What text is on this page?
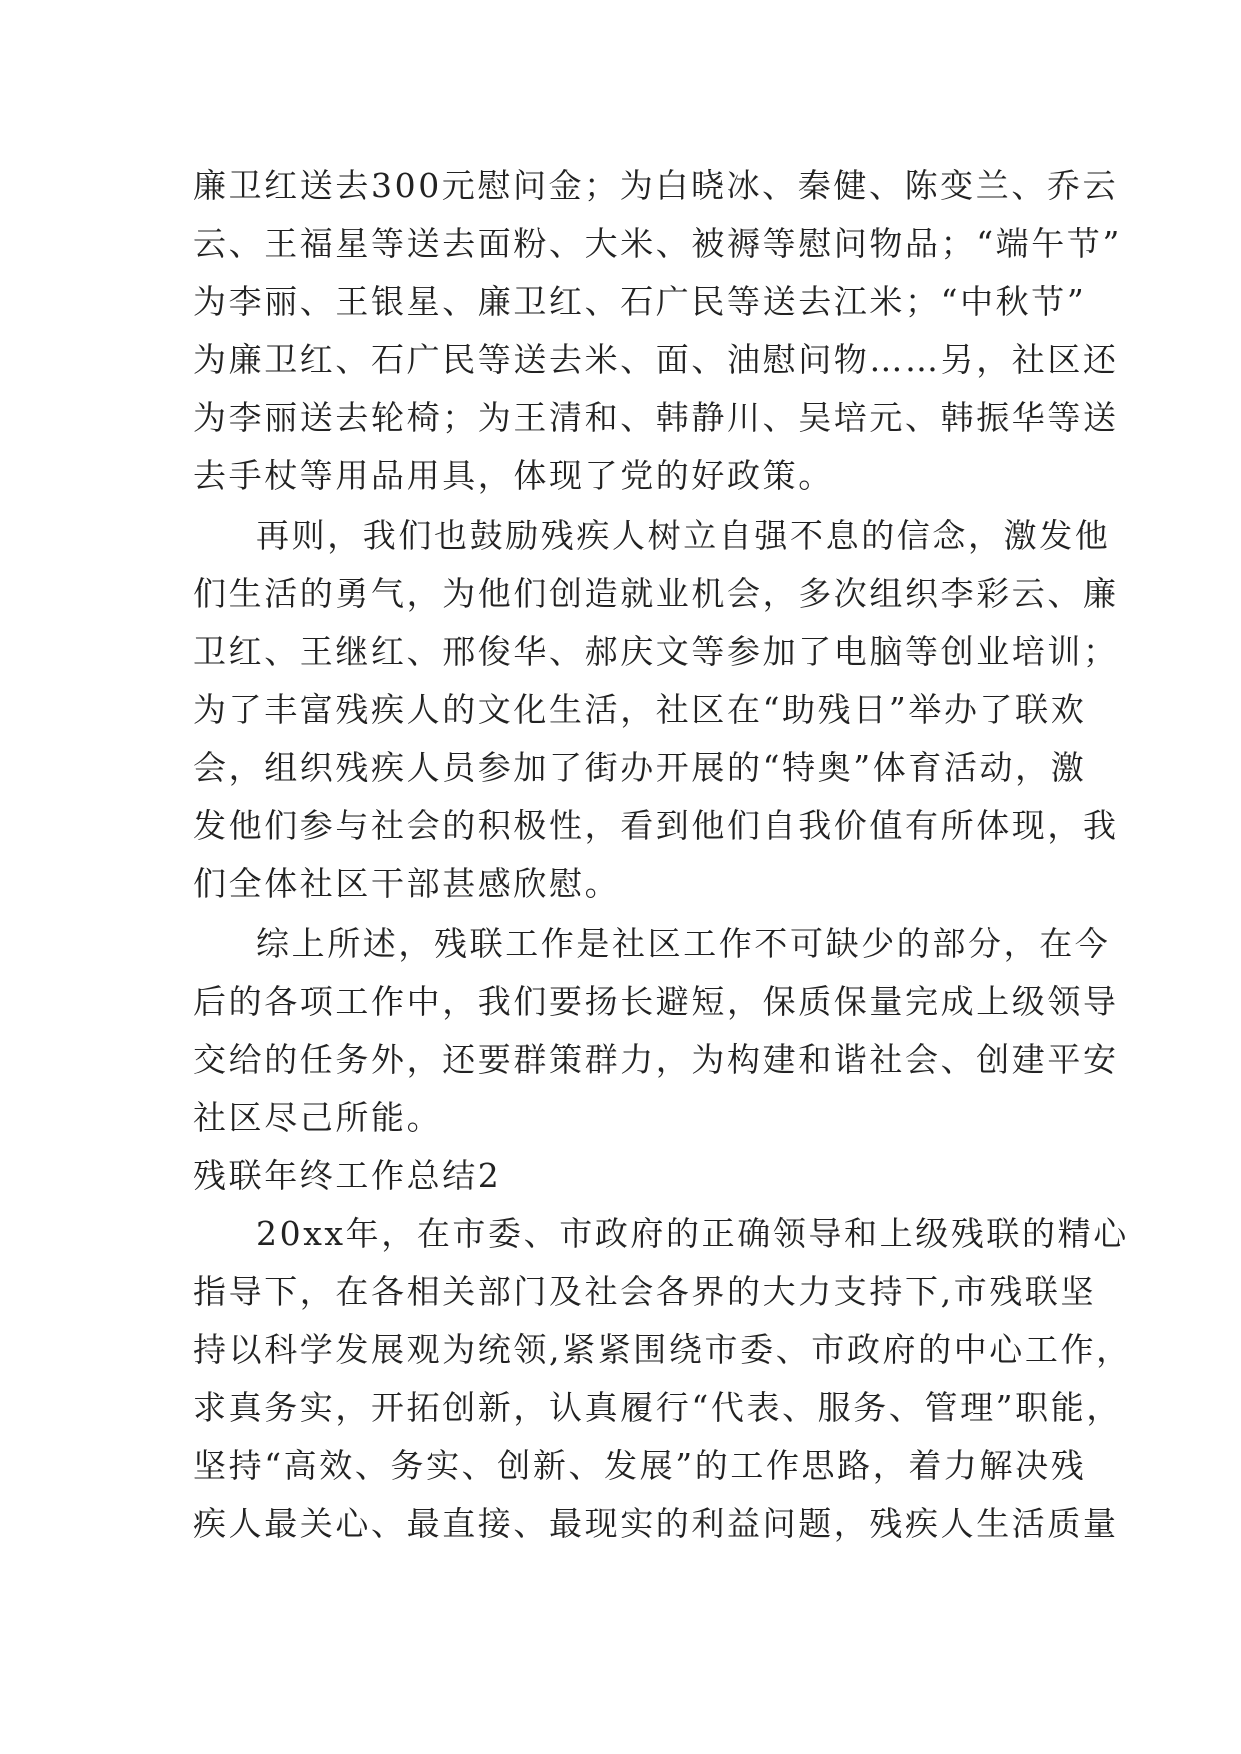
廉卫红送去300元慰问金；为白晓冰、秦健、陈变兰、乔云
云、王福星等送去面粉、大米、被褥等慰问物品；“端午节”
为李丽、王银星、廉卫红、石广民等送去江米；“中秋节”
为廉卫红、石广民等送去米、面、油慰问物……另，社区还
为李丽送去轮椅；为王清和、韩静川、吴培元、韩振华等送
去手杖等用品用具，体现了党的好政策。
再则，我们也鼓励残疾人树立自强不息的信念，激发他
们生活的勇气，为他们创造就业机会，多次组织李彩云、廉
卫红、王继红、邢俊华、郝庆文等参加了电脑等创业培训；
为了丰富残疾人的文化生活，社区在“助残日”举办了联欢
会，组织残疾人员参加了街办开展的“特奥”体育活动，激
发他们参与社会的积极性，看到他们自我价值有所体现，我
们全体社区干部甚感欣慰。
综上所述，残联工作是社区工作不可缺少的部分，在今
后的各项工作中，我们要扬长避短，保质保量完成上级领导
交给的任务外，还要群策群力，为构建和谐社会、创建平安
社区尽己所能。
残联年终工作总结2
20xx年，在市委、市政府的正确领导和上级残联的精心
指导下，在各相关部门及社会各界的大力支持下,市残联坚
持以科学发展观为统领,紧紧围绕市委、市政府的中心工作，
求真务实，开拓创新，认真履行“代表、服务、管理”职能，
坚持“高效、务实、创新、发展”的工作思路，着力解决残
疾人最关心、最直接、最现实的利益问题，残疾人生活质量
